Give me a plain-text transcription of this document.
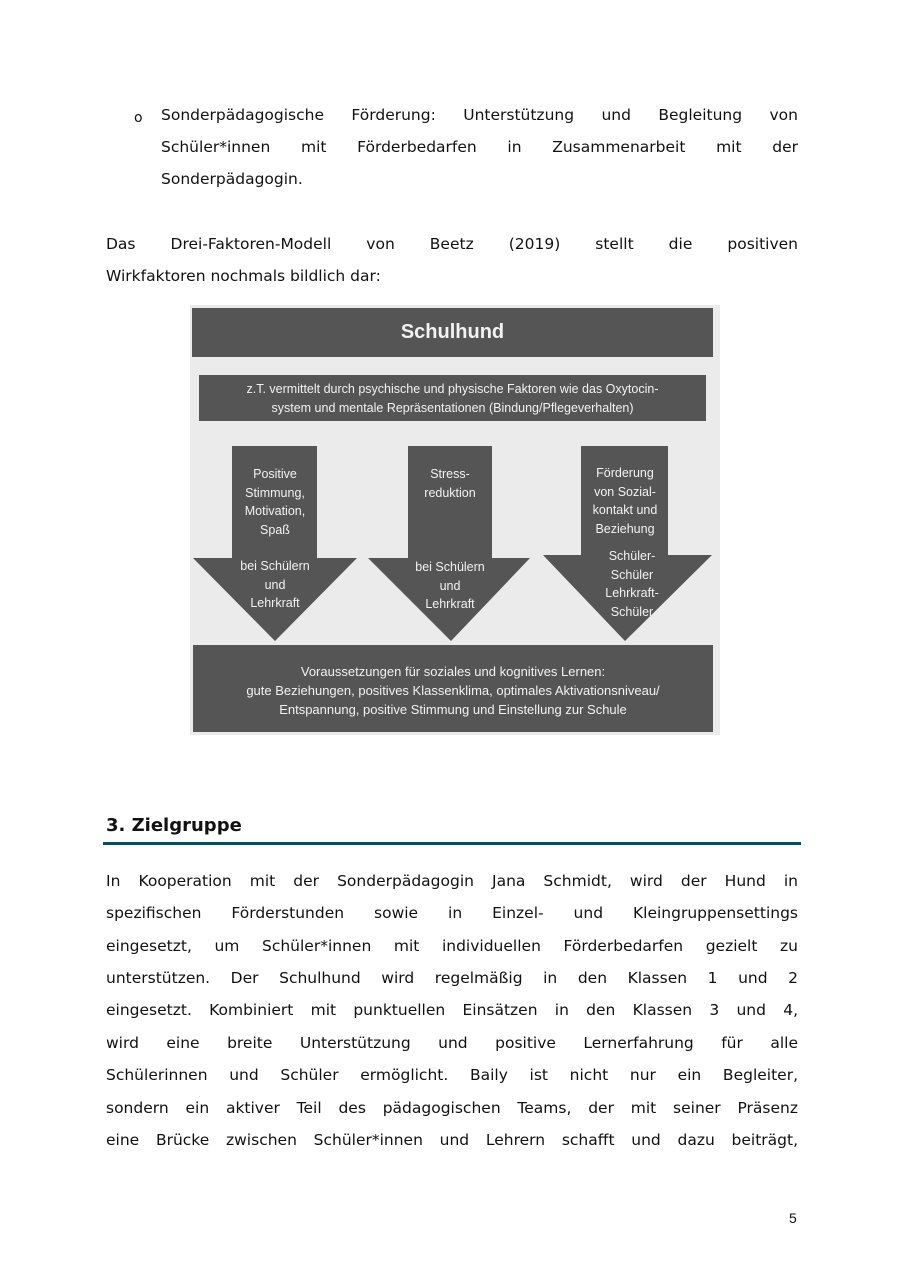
o Sonderpädagogische Förderung: Unterstützung und Begleitung von
Schüler*innen mit Förderbedarfen in Zusammenarbeit mit der
Sonderpädagogin.
Das Drei-Faktoren-Modell von Beetz (2019) stellt die positiven
Wirkfaktoren nochmals bildlich dar:
Schulhund
z.T. vermittelt durch psychische und physische Faktoren wie das Oxytocin-
system und mentale Repräsentationen (Bindung/Pflegeverhalten)
Positive
Stimmung,
Motivation,
Spaß
bei Schülern
und
Lehrkraft
Stress-
reduktion
bei Schülern
und
Lehrkraft
Förderung
von Sozial-
kontakt und
Beziehung
Schüler-
Schüler
Lehrkraft-
Schüler
Voraussetzungen für soziales und kognitives Lernen:
gute Beziehungen, positives Klassenklima, optimales Aktivationsniveau/
Entspannung, positive Stimmung und Einstellung zur Schule
3. Zielgruppe
In Kooperation mit der Sonderpädagogin Jana Schmidt, wird der Hund in
spezifischen Förderstunden sowie in Einzel- und Kleingruppensettings
eingesetzt, um Schüler*innen mit individuellen Förderbedarfen gezielt zu
unterstützen. Der Schulhund wird regelmäßig in den Klassen 1 und 2
eingesetzt. Kombiniert mit punktuellen Einsätzen in den Klassen 3 und 4,
wird eine breite Unterstützung und positive Lernerfahrung für alle
Schülerinnen und Schüler ermöglicht. Baily ist nicht nur ein Begleiter,
sondern ein aktiver Teil des pädagogischen Teams, der mit seiner Präsenz
eine Brücke zwischen Schüler*innen und Lehrern schafft und dazu beiträgt,
5
